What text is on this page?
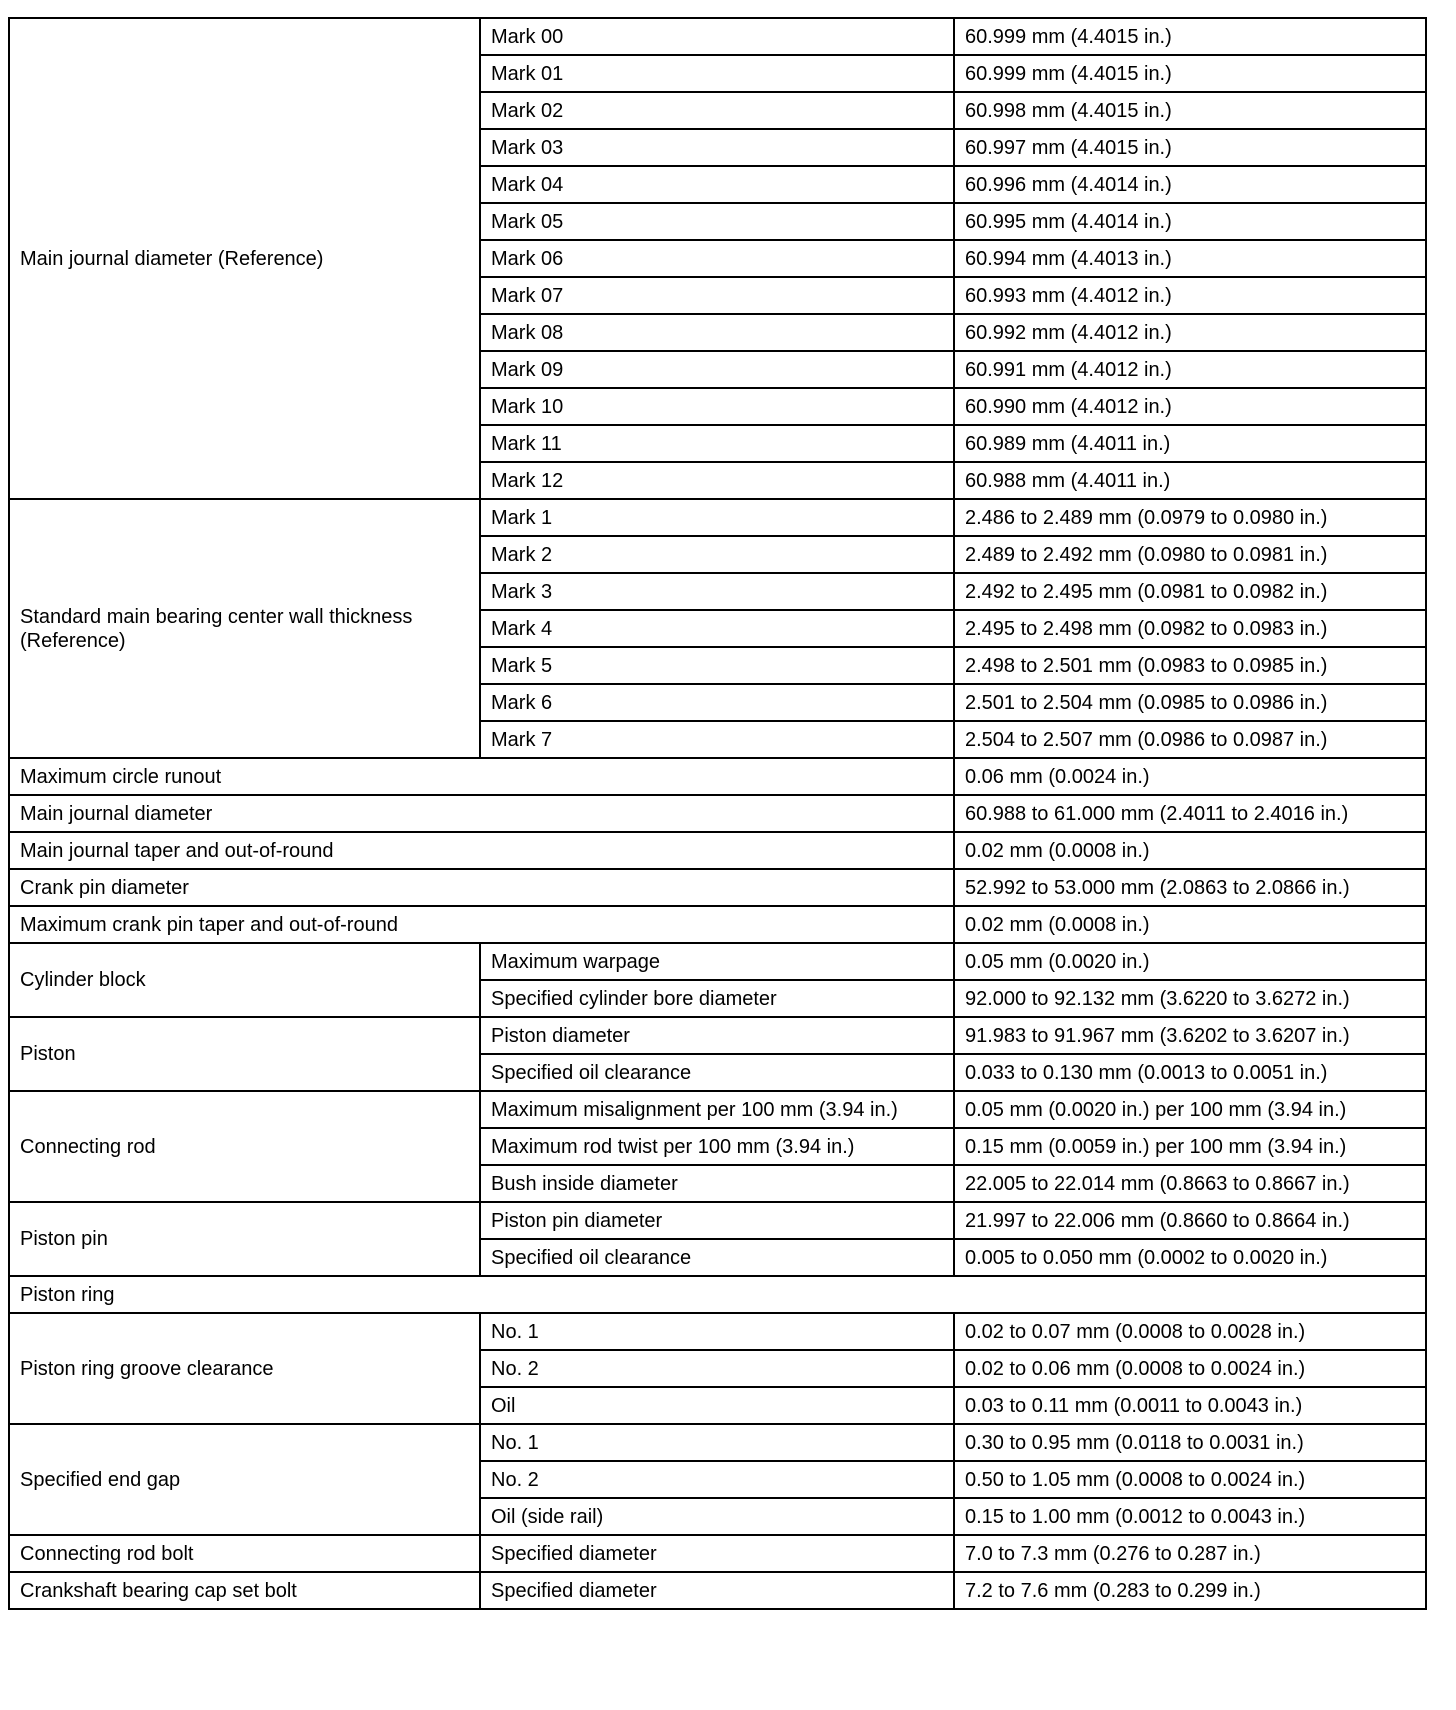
Main journal diameter (Reference)	Mark 00	60.999 mm (4.4015 in.)
	Mark 01	60.999 mm (4.4015 in.)
	Mark 02	60.998 mm (4.4015 in.)
	Mark 03	60.997 mm (4.4015 in.)
	Mark 04	60.996 mm (4.4014 in.)
	Mark 05	60.995 mm (4.4014 in.)
	Mark 06	60.994 mm (4.4013 in.)
	Mark 07	60.993 mm (4.4012 in.)
	Mark 08	60.992 mm (4.4012 in.)
	Mark 09	60.991 mm (4.4012 in.)
	Mark 10	60.990 mm (4.4012 in.)
	Mark 11	60.989 mm (4.4011 in.)
	Mark 12	60.988 mm (4.4011 in.)
Standard main bearing center wall thickness (Reference)	Mark 1	2.486 to 2.489 mm (0.0979 to 0.0980 in.)
	Mark 2	2.489 to 2.492 mm (0.0980 to 0.0981 in.)
	Mark 3	2.492 to 2.495 mm (0.0981 to 0.0982 in.)
	Mark 4	2.495 to 2.498 mm (0.0982 to 0.0983 in.)
	Mark 5	2.498 to 2.501 mm (0.0983 to 0.0985 in.)
	Mark 6	2.501 to 2.504 mm (0.0985 to 0.0986 in.)
	Mark 7	2.504 to 2.507 mm (0.0986 to 0.0987 in.)
Maximum circle runout		0.06 mm (0.0024 in.)
Main journal diameter		60.988 to 61.000 mm (2.4011 to 2.4016 in.)
Main journal taper and out-of-round		0.02 mm (0.0008 in.)
Crank pin diameter		52.992 to 53.000 mm (2.0863 to 2.0866 in.)
Maximum crank pin taper and out-of-round		0.02 mm (0.0008 in.)
Cylinder block	Maximum warpage	0.05 mm (0.0020 in.)
	Specified cylinder bore diameter	92.000 to 92.132 mm (3.6220 to 3.6272 in.)
Piston	Piston diameter	91.983 to 91.967 mm (3.6202 to 3.6207 in.)
	Specified oil clearance	0.033 to 0.130 mm (0.0013 to 0.0051 in.)
Connecting rod	Maximum misalignment per 100 mm (3.94 in.)	0.05 mm (0.0020 in.) per 100 mm (3.94 in.)
	Maximum rod twist per 100 mm (3.94 in.)	0.15 mm (0.0059 in.) per 100 mm (3.94 in.)
	Bush inside diameter	22.005 to 22.014 mm (0.8663 to 0.8667 in.)
Piston pin	Piston pin diameter	21.997 to 22.006 mm (0.8660 to 0.8664 in.)
	Specified oil clearance	0.005 to 0.050 mm (0.0002 to 0.0020 in.)
Piston ring		
Piston ring groove clearance	No. 1	0.02 to 0.07 mm (0.0008 to 0.0028 in.)
	No. 2	0.02 to 0.06 mm (0.0008 to 0.0024 in.)
	Oil	0.03 to 0.11 mm (0.0011 to 0.0043 in.)
Specified end gap	No. 1	0.30 to 0.95 mm (0.0118 to 0.0031 in.)
	No. 2	0.50 to 1.05 mm (0.0008 to 0.0024 in.)
	Oil (side rail)	0.15 to 1.00 mm (0.0012 to 0.0043 in.)
Connecting rod bolt	Specified diameter	7.0 to 7.3 mm (0.276 to 0.287 in.)
Crankshaft bearing cap set bolt	Specified diameter	7.2 to 7.6 mm (0.283 to 0.299 in.)
